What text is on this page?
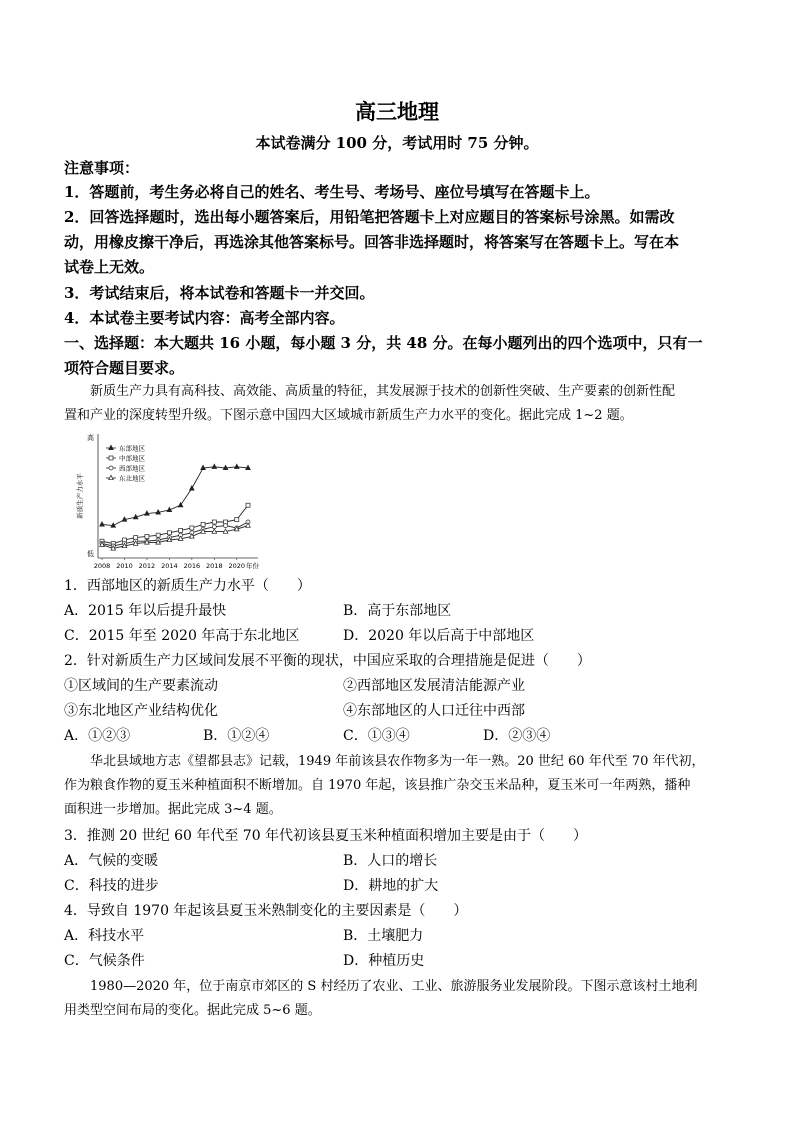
高三地理
本试卷满分 100 分，考试用时 75 分钟。
注意事项：
1．答题前，考生务必将自己的姓名、考生号、考场号、座位号填写在答题卡上。
2．回答选择题时，选出每小题答案后，用铅笔把答题卡上对应题目的答案标号涂黑。如需改
动，用橡皮擦干净后，再选涂其他答案标号。回答非选择题时，将答案写在答题卡上。写在本
试卷上无效。
3．考试结束后，将本试卷和答题卡一并交回。
4．本试卷主要考试内容：高考全部内容。
一、选择题：本大题共 16 小题，每小题 3 分，共 48 分。在每小题列出的四个选项中，只有一
项符合题目要求。
新质生产力具有高科技、高效能、高质量的特征，其发展源于技术的创新性突破、生产要素的创新性配
置和产业的深度转型升级。下图示意中国四大区域城市新质生产力水平的变化。据此完成 1~2 题。
东部地区
中部地区
西部地区
东北地区
高
低
新质生产力水平
2008 2010 2012 2014 2016 2018 2020 年份
1．西部地区的新质生产力水平（　　）
A．2015 年以后提升最快	B．高于东部地区
C．2015 年至 2020 年高于东北地区	D．2020 年以后高于中部地区
2．针对新质生产力区域间发展不平衡的现状，中国应采取的合理措施是促进（　　）
①区域间的生产要素流动	②西部地区发展清洁能源产业
③东北地区产业结构优化	④东部地区的人口迁往中西部
A．①②③	B．①②④	C．①③④	D．②③④
华北县域地方志《望都县志》记载，1949 年前该县农作物多为一年一熟。20 世纪 60 年代至 70 年代初，
作为粮食作物的夏玉米种植面积不断增加。自 1970 年起，该县推广杂交玉米品种，夏玉米可一年两熟，播种
面积进一步增加。据此完成 3~4 题。
3．推测 20 世纪 60 年代至 70 年代初该县夏玉米种植面积增加主要是由于（　　）
A．气候的变暖	B．人口的增长
C．科技的进步	D．耕地的扩大
4．导致自 1970 年起该县夏玉米熟制变化的主要因素是（　　）
A．科技水平	B．土壤肥力
C．气候条件	D．种植历史
1980—2020 年，位于南京市郊区的 S 村经历了农业、工业、旅游服务业发展阶段。下图示意该村土地利
用类型空间布局的变化。据此完成 5~6 题。
